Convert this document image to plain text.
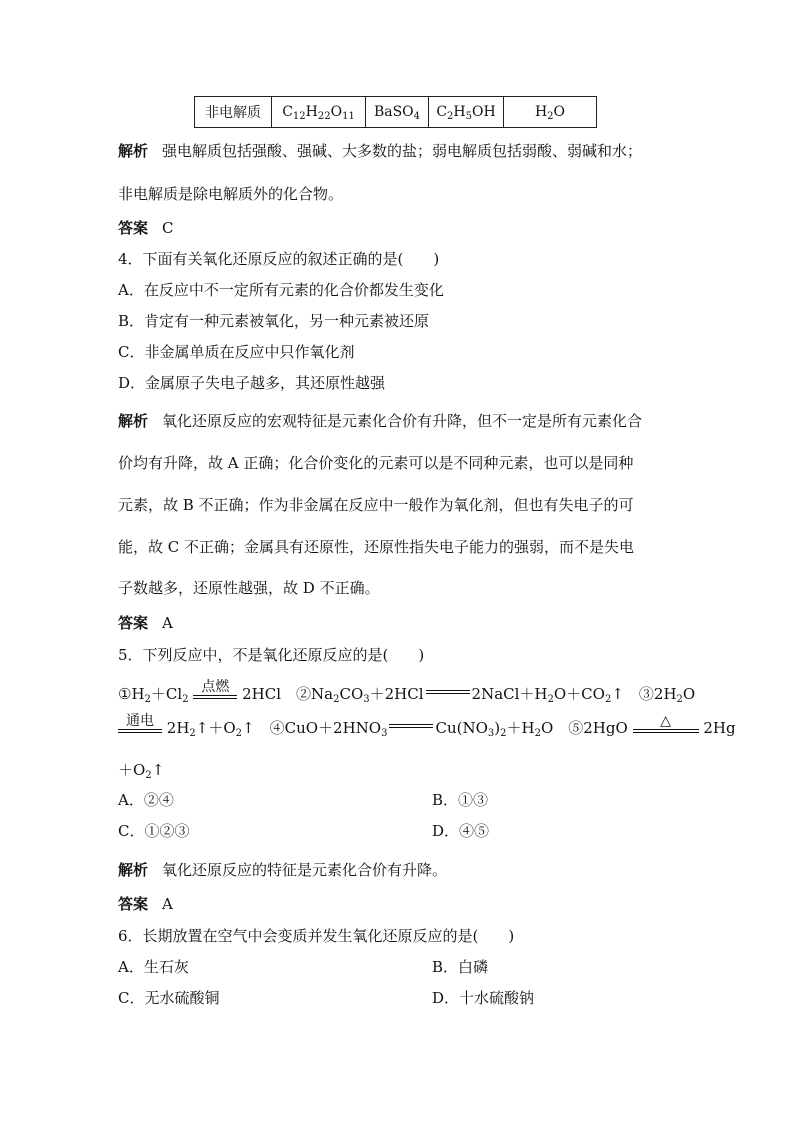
非电解质	$C_{12}H_{22}O_{11}$	BaSO$_4$	$C_2H_5OH$	$H_2O$
解析 强电解质包括强酸、强碱、大多数的盐；弱电解质包括弱酸、弱碱和水；
非电解质是除电解质外的化合物。
答案 C
4．下面有关氧化还原反应的叙述正确的是(　　)
A．在反应中不一定所有元素的化合价都发生变化
B．肯定有一种元素被氧化，另一种元素被还原
C．非金属单质在反应中只作氧化剂
D．金属原子失电子越多，其还原性越强
解析 氧化还原反应的宏观特征是元素化合价有升降，但不一定是所有元素化合
价均有升降，故 A 正确；化合价变化的元素可以是不同种元素，也可以是同种
元素，故 B 不正确；作为非金属在反应中一般作为氧化剂，但也有失电子的可
能，故 C 不正确；金属具有还原性，还原性指失电子能力的强弱，而不是失电
子数越多，还原性越强，故 D 不正确。
答案 A
5．下列反应中，不是氧化还原反应的是(　　)
$①H_2+Cl_2$
点燃 2HCl　$②Na_2CO_3+2HCl$	$2NaCl+H_2O+CO_2↑$　$③2H_2O$
通电 $2H_2↑+O_2↑$　$④CuO+2HNO_3$	$Cu(NO_3)_2+H_2O$　⑤2HgO	△	2Hg
$+O_2↑$
A．②④	B．①③
C．①②③	D．④⑤
解析 氧化还原反应的特征是元素化合价有升降。
答案 A
6．长期放置在空气中会变质并发生氧化还原反应的是(　　)
A．生石灰	B．白磷
C．无水硫酸铜	D．十水硫酸钠
